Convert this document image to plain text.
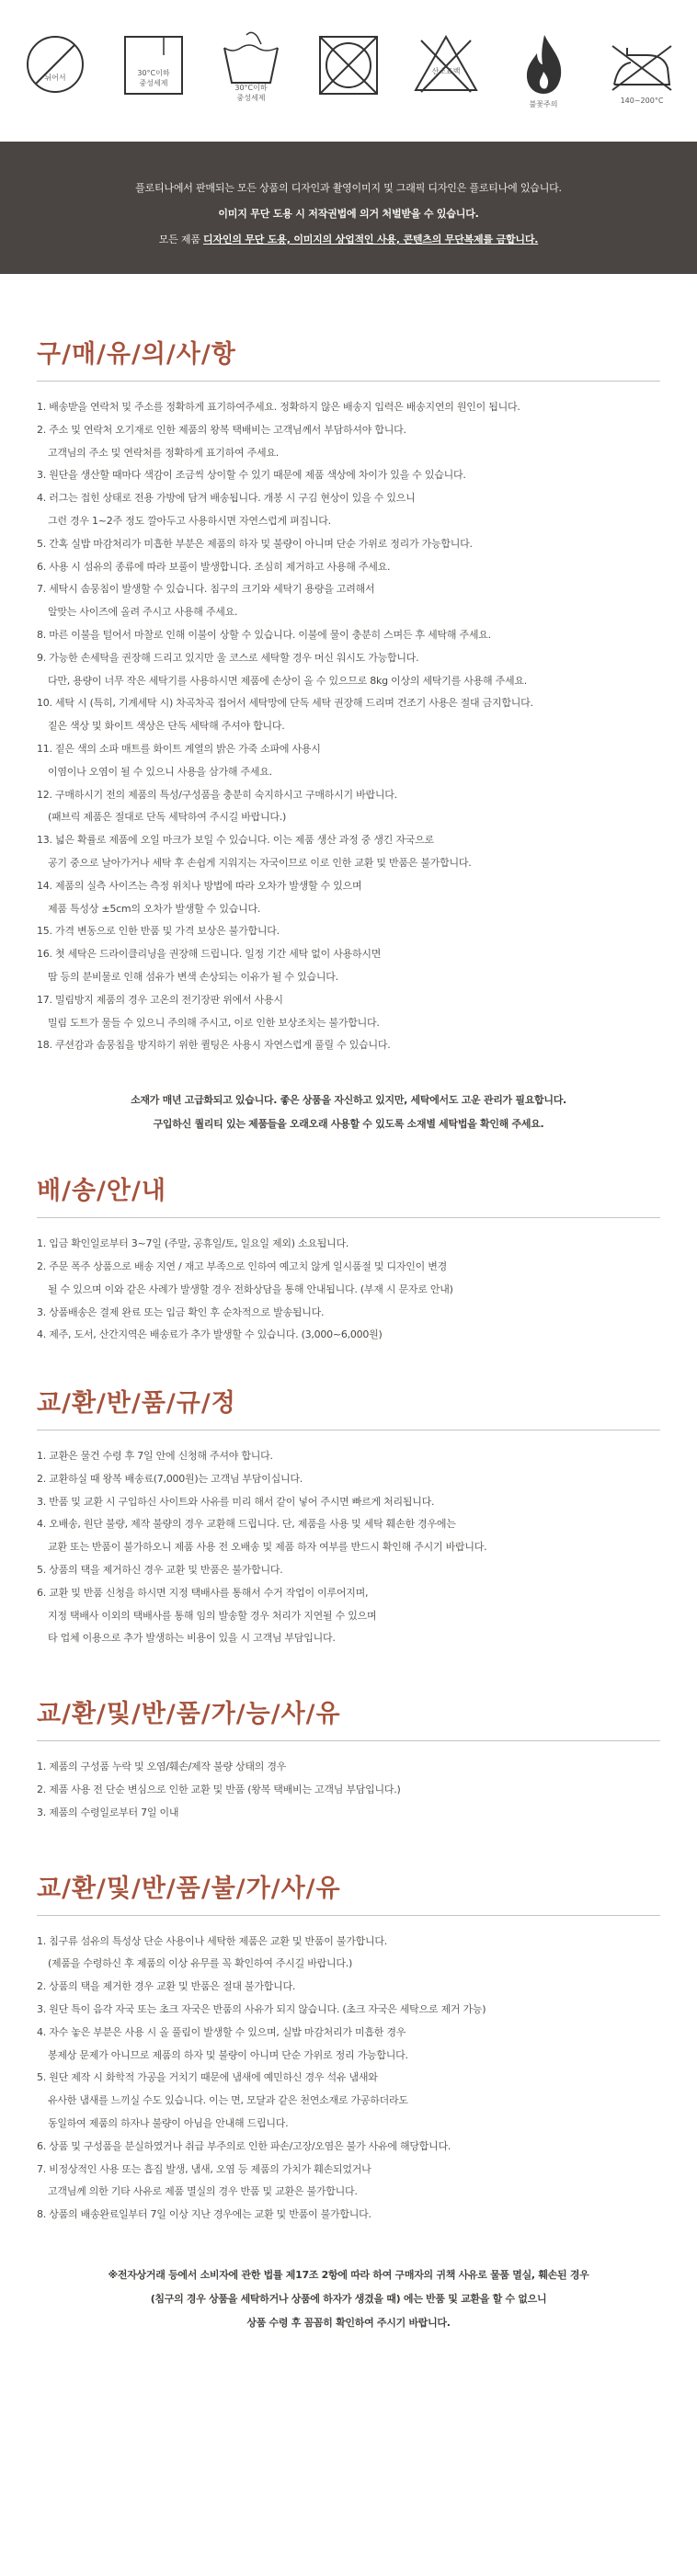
뉘어서
30°C이하
중성세제
30°C이하
중성세제
산소표백
불꽃주의	140~200°C

플로티나에서 판매되는 모든 상품의 디자인과 촬영이미지 및 그래픽 디자인은 플로티나에 있습니다.

이미지 무단 도용 시 저작권법에 의거 처벌받을 수 있습니다.

모든 제품 디자인의 무단 도용, 이미지의 상업적인 사용, 콘텐츠의 무단복제를 금합니다.

구/매/유/의/사/항

1. 배송받을 연락처 및 주소를 정확하게 표기하여주세요. 정확하지 않은 배송지 입력은 배송지연의 원인이 됩니다.

2. 주소 및 연락처 오기재로 인한 제품의 왕복 택배비는 고객님께서 부담하셔야 합니다.

고객님의 주소 및 연락처를 정확하게 표기하여 주세요.

3. 원단을 생산할 때마다 색감이 조금씩 상이할 수 있기 때문에 제품 색상에 차이가 있을 수 있습니다.

4. 러그는 접힌 상태로 전용 가방에 담겨 배송됩니다. 개봉 시 구김 현상이 있을 수 있으니

그런 경우 1~2주 정도 깔아두고 사용하시면 자연스럽게 펴집니다.

5. 간혹 실밥 마감처리가 미흡한 부분은 제품의 하자 및 불량이 아니며 단순 가위로 정리가 가능합니다.

6. 사용 시 섬유의 종류에 따라 보풀이 발생합니다. 조심히 제거하고 사용해 주세요.

7. 세탁시 솜뭉침이 발생할 수 있습니다. 침구의 크기와 세탁기 용량을 고려해서

알맞는 사이즈에 올려 주시고 사용해 주세요.

8. 마른 이불을 털어서 마찰로 인해 이불이 상할 수 있습니다. 이불에 물이 충분히 스며든 후 세탁해 주세요.

9. 가능한 손세탁을 권장해 드리고 있지만 울 코스로 세탁할 경우 머신 워시도 가능합니다.

다만, 용량이 너무 작은 세탁기를 사용하시면 제품에 손상이 올 수 있으므로 8kg 이상의 세탁기를 사용해 주세요.

10. 세탁 시 (특히, 기계세탁 시) 차곡차곡 접어서 세탁망에 단독 세탁 권장해 드리며 건조기 사용은 절대 금지합니다.

짙은 색상 및 화이트 색상은 단독 세탁해 주셔야 합니다.

11. 짙은 색의 소파 매트를 화이트 계열의 밝은 가죽 소파에 사용시

이염이나 오염이 될 수 있으니 사용을 삼가해 주세요.

12. 구매하시기 전의 제품의 특성/구성품을 충분히 숙지하시고 구매하시기 바랍니다.

(패브릭 제품은 절대로 단독 세탁하여 주시길 바랍니다.)

13. 넓은 확률로 제품에 오일 마크가 보일 수 있습니다. 이는 제품 생산 과정 중 생긴 자국으로

공기 중으로 날아가거나 세탁 후 손쉽게 지워지는 자국이므로 이로 인한 교환 및 반품은 불가합니다.

14. 제품의 실측 사이즈는 측정 위치나 방법에 따라 오차가 발생할 수 있으며

제품 특성상 ±5cm의 오차가 발생할 수 있습니다.

15. 가격 변동으로 인한 반품 및 가격 보상은 불가합니다.

16. 첫 세탁은 드라이클리닝을 권장해 드립니다. 일정 기간 세탁 없이 사용하시면

땀 등의 분비물로 인해 섬유가 변색 손상되는 이유가 될 수 있습니다.

17. 밀림방지 제품의 경우 고온의 전기장판 위에서 사용시

밀림 도트가 물들 수 있으니 주의해 주시고, 이로 인한 보상조치는 불가합니다.

18. 쿠션감과 솜뭉침을 방지하기 위한 퀼팅은 사용시 자연스럽게 풀릴 수 있습니다.

소재가 매년 고급화되고 있습니다. 좋은 상품을 자신하고 있지만, 세탁에서도 고운 관리가 필요합니다.

구입하신 퀄리티 있는 제품들을 오래오래 사용할 수 있도록 소재별 세탁법을 확인해 주세요.

배/송/안/내

1. 입금 확인일로부터 3~7일 (주말, 공휴일/토, 일요일 제외) 소요됩니다.

2. 주문 폭주 상품으로 배송 지연 / 재고 부족으로 인하여 예고치 않게 일시품절 및 디자인이 변경

될 수 있으며 이와 같은 사례가 발생할 경우 전화상담을 통해 안내됩니다. (부재 시 문자로 안내)

3. 상품배송은 결제 완료 또는 입금 확인 후 순차적으로 발송됩니다.

4. 제주, 도서, 산간지역은 배송료가 추가 발생할 수 있습니다. (3,000~6,000원)

교/환/반/품/규/정

1. 교환은 물건 수령 후 7일 안에 신청해 주셔야 합니다.

2. 교환하실 때 왕복 배송료(7,000원)는 고객님 부담이십니다.

3. 반품 및 교환 시 구입하신 사이트와 사유를 미리 해서 같이 넣어 주시면 빠르게 처리됩니다.

4. 오배송, 원단 불량, 제작 불량의 경우 교환해 드립니다. 단, 제품을 사용 및 세탁 훼손한 경우에는

교환 또는 반품이 불가하오니 제품 사용 전 오배송 및 제품 하자 여부를 반드시 확인해 주시기 바랍니다.

5. 상품의 택을 제거하신 경우 교환 및 반품은 불가합니다.

6. 교환 및 반품 신청을 하시면 지정 택배사를 통해서 수거 작업이 이루어지며,

지정 택배사 이외의 택배사를 통해 임의 발송할 경우 처리가 지연될 수 있으며

타 업체 이용으로 추가 발생하는 비용이 있을 시 고객님 부담입니다.

교/환/및/반/품/가/능/사/유

1. 제품의 구성품 누락 및 오염/훼손/제작 불량 상태의 경우

2. 제품 사용 전 단순 변심으로 인한 교환 및 반품 (왕복 택배비는 고객님 부담입니다.)

3. 제품의 수령일로부터 7일 이내

교/환/및/반/품/불/가/사/유

1. 침구류 섬유의 특성상 단순 사용이나 세탁한 제품은 교환 및 반품이 불가합니다.

(제품을 수령하신 후 제품의 이상 유무를 꼭 확인하여 주시길 바랍니다.)

2. 상품의 택을 제거한 경우 교환 및 반품은 절대 불가합니다.

3. 원단 특이 음각 자국 또는 초크 자국은 반품의 사유가 되지 않습니다. (초크 자국은 세탁으로 제거 가능)

4. 자수 놓은 부분은 사용 시 올 풀림이 발생할 수 있으며, 실밥 마감처리가 미흡한 경우

봉제상 문제가 아니므로 제품의 하자 및 불량이 아니며 단순 가위로 정리 가능합니다.

5. 원단 제작 시 화학적 가공을 거치기 때문에 냄새에 예민하신 경우 석유 냄새와

유사한 냄새를 느끼실 수도 있습니다. 이는 면, 모달과 같은 천연소재로 가공하더라도

동일하여 제품의 하자나 불량이 아님을 안내해 드립니다.

6. 상품 및 구성품을 분실하였거나 취급 부주의로 인한 파손/고장/오염은 불가 사유에 해당합니다.

7. 비정상적인 사용 또는 흡집 발생, 냄새, 오염 등 제품의 가치가 훼손되었거나

고객님께 의한 기타 사유로 제품 멸실의 경우 반품 및 교환은 불가합니다.

8. 상품의 배송완료일부터 7일 이상 지난 경우에는 교환 및 반품이 불가합니다.

※전자상거래 등에서 소비자에 관한 법률 제17조 2항에 따라 하여 구매자의 귀책 사유로 물품 멸실, 훼손된 경우

(침구의 경우 상품을 세탁하거나 상품에 하자가 생겼을 때) 에는 반품 및 교환을 할 수 없으니

상품 수령 후 꼼꼼히 확인하여 주시기 바랍니다.
